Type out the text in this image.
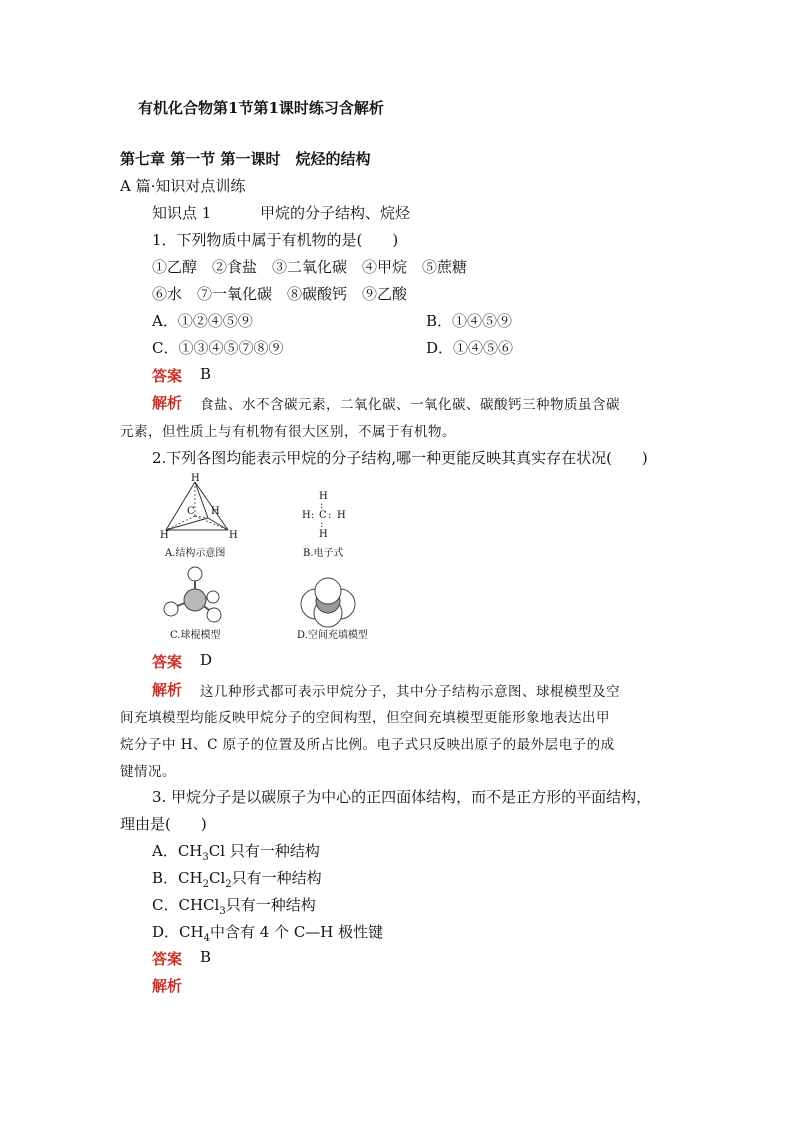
有机化合物第1节第1课时练习含解析
第七章 第一节 第一课时　烷烃的结构
A 篇·知识对点训练
知识点 1	甲烷的分子结构、烷烃
1．下列物质中属于有机物的是(　　)
①乙醇　②食盐　③二氧化碳　④甲烷　⑤蔗糖
⑥水　⑦一氧化碳　⑧碳酸钙　⑨乙酸
A．①②④⑤⑨	B．①④⑤⑨
C．①③④⑤⑦⑧⑨	D．①④⑤⑥
答案 B
解析 食盐、水不含碳元素，二氧化碳、一氧化碳、碳酸钙三种物质虽含碳
元素，但性质上与有机物有很大区别，不属于有机物。
2.下列各图均能表示甲烷的分子结构,哪一种更能反映其真实存在状况(　　)
H
C H
H	H
A.结构示意图
H
:
H : C : H
:
H
B.电子式
C.球棍模型	D.空间充填模型
答案 D
解析 这几种形式都可表示甲烷分子，其中分子结构示意图、球棍模型及空
间充填模型均能反映甲烷分子的空间构型，但空间充填模型更能形象地表达出甲
烷分子中 H、C 原子的位置及所占比例。电子式只反映出原子的最外层电子的成
键情况。
3. 甲烷分子是以碳原子为中心的正四面体结构，而不是正方形的平面结构，
理由是(　　)
A．$CH_3Cl$ 只有一种结构
B．$CH_2Cl_2$只有一种结构
C．CHCl$_3$只有一种结构
D．$CH_4$中含有 4 个 C—H 极性键
答案 B
解析
